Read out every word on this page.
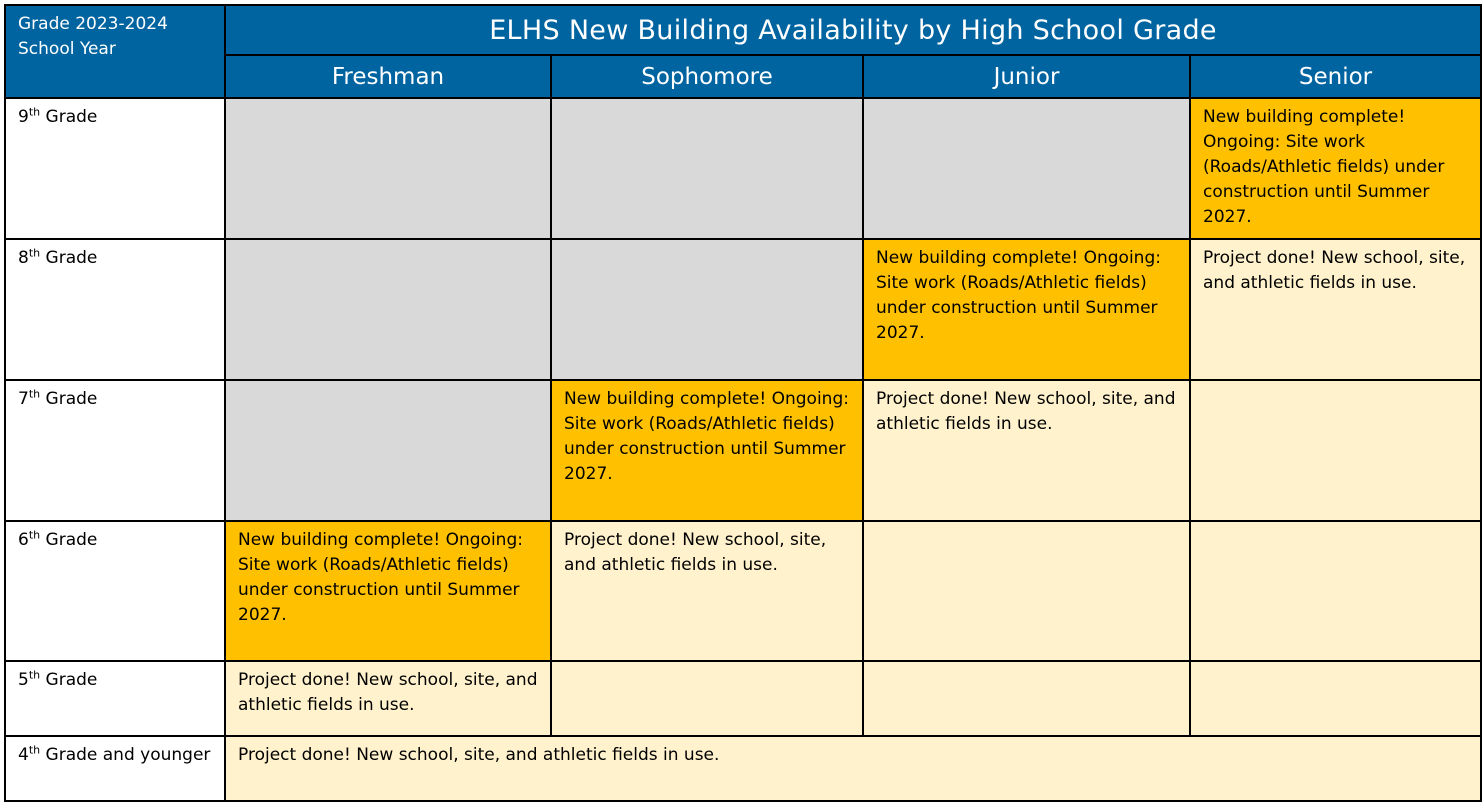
Grade 2023-2024 School Year	ELHS New Building Availability by High School Grade			
	Freshman	Sophomore	Junior	Senior
9th Grade				New building complete! Ongoing: Site work (Roads/Athletic fields) under construction until Summer 2027.
8th Grade			New building complete! Ongoing: Site work (Roads/Athletic fields) under construction until Summer 2027.	Project done! New school, site, and athletic fields in use.
7th Grade		New building complete! Ongoing: Site work (Roads/Athletic fields) under construction until Summer 2027.	Project done! New school, site, and athletic fields in use.	
6th Grade	New building complete! Ongoing: Site work (Roads/Athletic fields) under construction until Summer 2027.	Project done! New school, site, and athletic fields in use.		
5th Grade	Project done! New school, site, and athletic fields in use.			
4th Grade and younger	Project done! New school, site, and athletic fields in use.			
